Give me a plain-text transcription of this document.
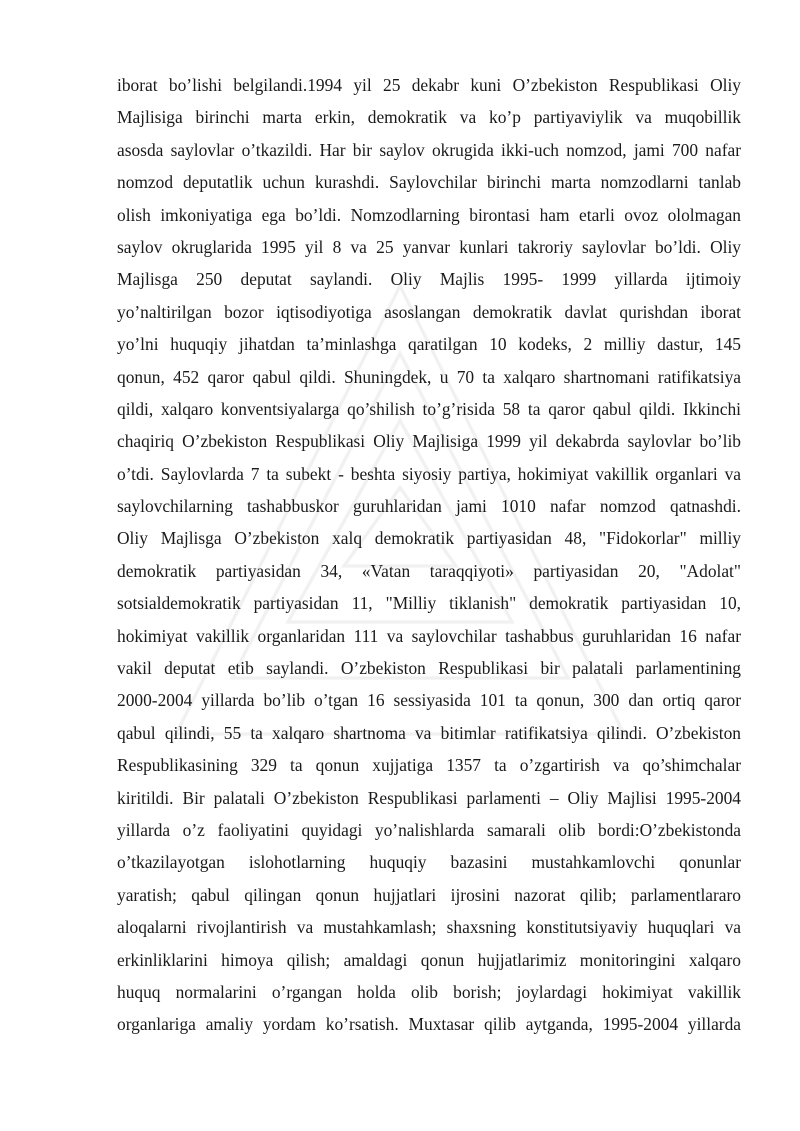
iborat bo’lishi belgilandi.1994 yil 25 dekabr kuni O’zbekiston Respublikasi Oliy
Majlisiga birinchi marta erkin, demokratik va ko’p partiyaviylik va muqobillik
asosda saylovlar o’tkazildi. Har bir saylov okrugida ikki-uch nomzod, jami 700 nafar
nomzod deputatlik uchun kurashdi. Saylovchilar birinchi marta nomzodlarni tanlab
olish imkoniyatiga ega bo’ldi. Nomzodlarning birontasi ham etarli ovoz ololmagan
saylov okruglarida 1995 yil 8 va 25 yanvar kunlari takroriy saylovlar bo’ldi. Oliy
Majlisga 250 deputat saylandi. Oliy Majlis 1995- 1999 yillarda ijtimoiy
yo’naltirilgan bozor iqtisodiyotiga asoslangan demokratik davlat qurishdan iborat
yo’lni huquqiy jihatdan ta’minlashga qaratilgan 10 kodeks, 2 milliy dastur, 145
qonun, 452 qaror qabul qildi. Shuningdek, u 70 ta xalqaro shartnomani ratifikatsiya
qildi, xalqaro konventsiyalarga qo’shilish to’g’risida 58 ta qaror qabul qildi. Ikkinchi
chaqiriq O’zbekiston Respublikasi Oliy Majlisiga 1999 yil dekabrda saylovlar bo’lib
o’tdi. Saylovlarda 7 ta subekt - beshta siyosiy partiya, hokimiyat vakillik organlari va
saylovchilarning tashabbuskor guruhlaridan jami 1010 nafar nomzod qatnashdi.
Oliy Majlisga O’zbekiston xalq demokratik partiyasidan 48, "Fidokorlar" milliy
demokratik partiyasidan 34, «Vatan taraqqiyoti» partiyasidan 20, "Adolat"
sotsialdemokratik partiyasidan 11, "Milliy tiklanish" demokratik partiyasidan 10,
hokimiyat vakillik organlaridan 111 va saylovchilar tashabbus guruhlaridan 16 nafar
vakil deputat etib saylandi. O’zbekiston Respublikasi bir palatali parlamentining
2000-2004 yillarda bo’lib o’tgan 16 sessiyasida 101 ta qonun, 300 dan ortiq qaror
qabul qilindi, 55 ta xalqaro shartnoma va bitimlar ratifikatsiya qilindi. O’zbekiston
Respublikasining 329 ta qonun xujjatiga 1357 ta o’zgartirish va qo’shimchalar
kiritildi. Bir palatali O’zbekiston Respublikasi parlamenti – Oliy Majlisi 1995-2004
yillarda o’z faoliyatini quyidagi yo’nalishlarda samarali olib bordi:O’zbekistonda
o’tkazilayotgan islohotlarning huquqiy bazasini mustahkamlovchi qonunlar
yaratish; qabul qilingan qonun hujjatlari ijrosini nazorat qilib; parlamentlararo
aloqalarni rivojlantirish va mustahkamlash; shaxsning konstitutsiyaviy huquqlari va
erkinliklarini himoya qilish; amaldagi qonun hujjatlarimiz monitoringini xalqaro
huquq normalarini o’rgangan holda olib borish; joylardagi hokimiyat vakillik
organlariga amaliy yordam ko’rsatish. Muxtasar qilib aytganda, 1995-2004 yillarda
